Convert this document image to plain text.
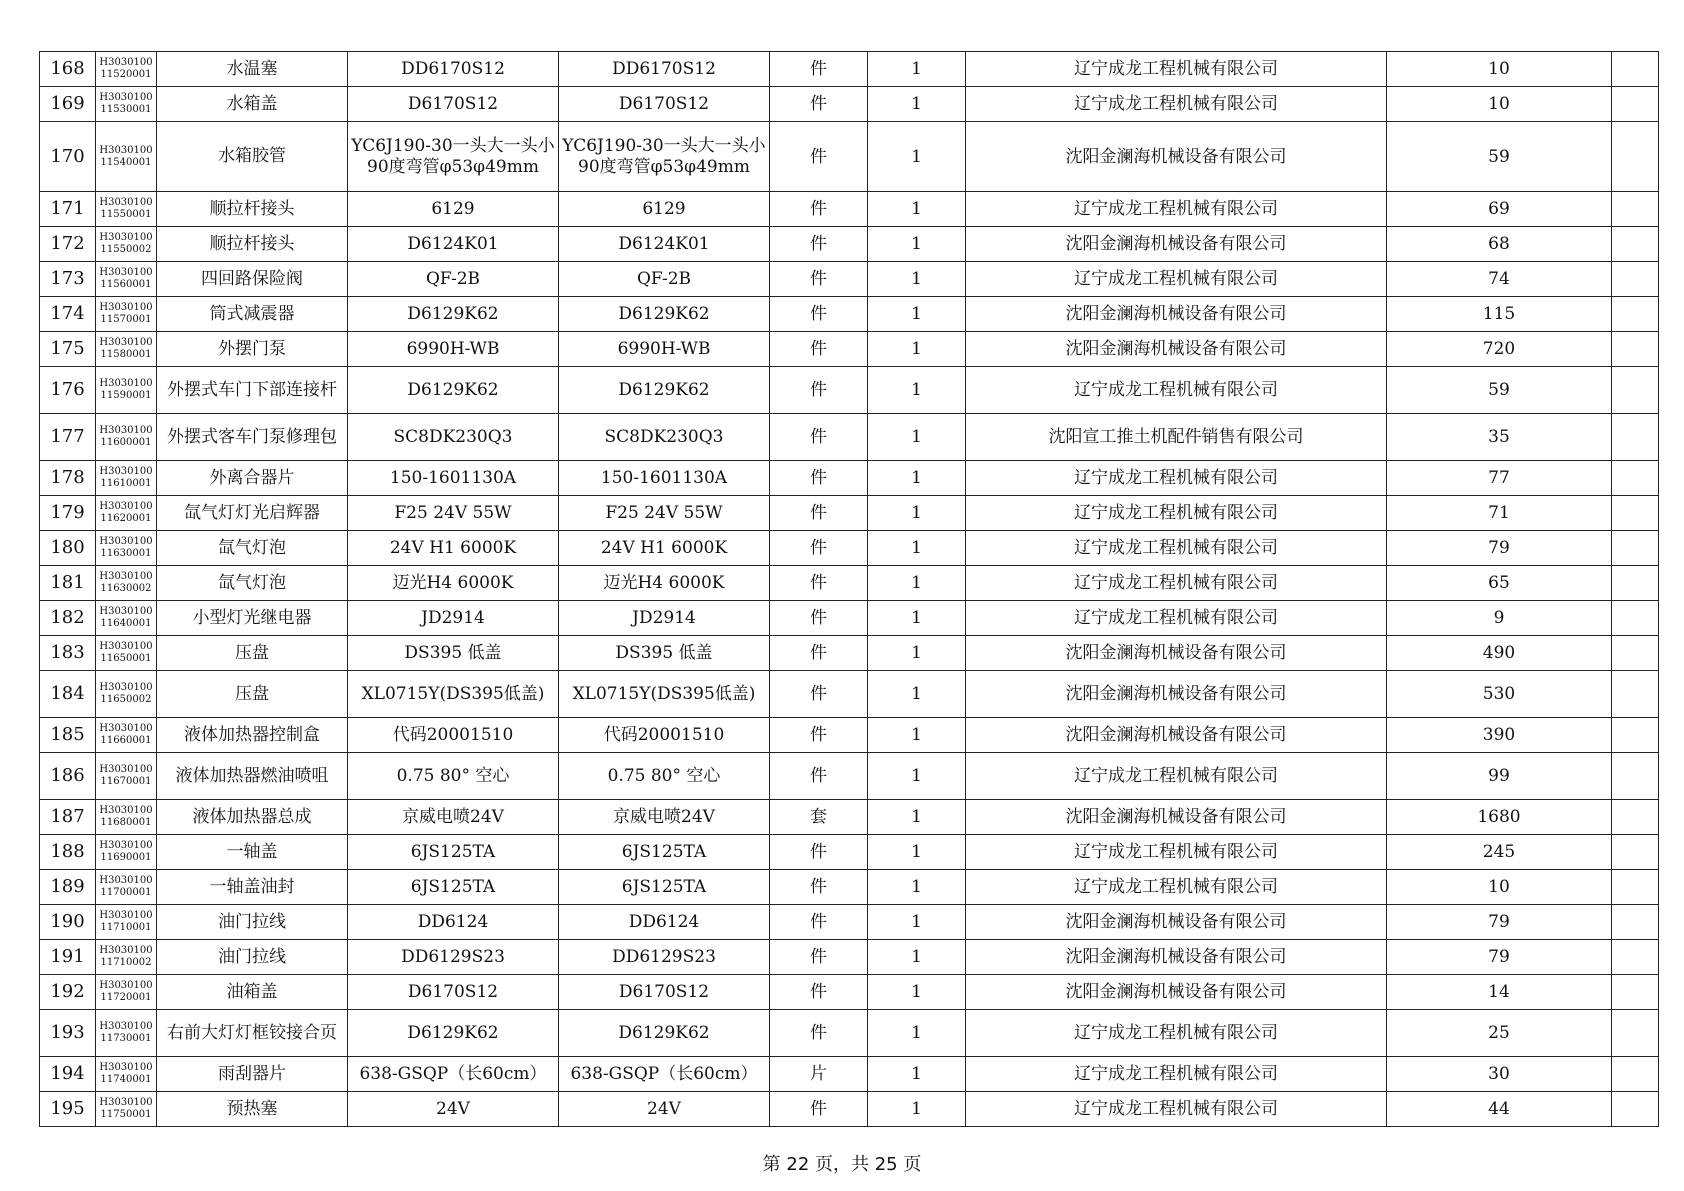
168	H303010011520001	水温塞	DD6170S12	DD6170S12	件	1	辽宁成龙工程机械有限公司	10	
169	H303010011530001	水箱盖	D6170S12	D6170S12	件	1	辽宁成龙工程机械有限公司	10	
170	H303010011540001	水箱胶管	YC6J190-30一头大一头小90度弯管φ53φ49mm	YC6J190-30一头大一头小90度弯管φ53φ49mm	件	1	沈阳金澜海机械设备有限公司	59	
171	H303010011550001	顺拉杆接头	6129	6129	件	1	辽宁成龙工程机械有限公司	69	
172	H303010011550002	顺拉杆接头	D6124K01	D6124K01	件	1	沈阳金澜海机械设备有限公司	68	
173	H303010011560001	四回路保险阀	QF-2B	QF-2B	件	1	辽宁成龙工程机械有限公司	74	
174	H303010011570001	筒式减震器	D6129K62	D6129K62	件	1	沈阳金澜海机械设备有限公司	115	
175	H303010011580001	外摆门泵	6990H-WB	6990H-WB	件	1	沈阳金澜海机械设备有限公司	720	
176	H303010011590001	外摆式车门下部连接杆	D6129K62	D6129K62	件	1	辽宁成龙工程机械有限公司	59	
177	H303010011600001	外摆式客车门泵修理包	SC8DK230Q3	SC8DK230Q3	件	1	沈阳宣工推土机配件销售有限公司	35	
178	H303010011610001	外离合器片	150-1601130A	150-1601130A	件	1	辽宁成龙工程机械有限公司	77	
179	H303010011620001	氙气灯灯光启辉器	F25 24V 55W	F25 24V 55W	件	1	辽宁成龙工程机械有限公司	71	
180	H303010011630001	氙气灯泡	24V H1 6000K	24V H1 6000K	件	1	辽宁成龙工程机械有限公司	79	
181	H303010011630002	氙气灯泡	迈光H4 6000K	迈光H4 6000K	件	1	辽宁成龙工程机械有限公司	65	
182	H303010011640001	小型灯光继电器	JD2914	JD2914	件	1	辽宁成龙工程机械有限公司	9	
183	H303010011650001	压盘	DS395 低盖	DS395 低盖	件	1	沈阳金澜海机械设备有限公司	490	
184	H303010011650002	压盘	XL0715Y(DS395低盖)	XL0715Y(DS395低盖)	件	1	沈阳金澜海机械设备有限公司	530	
185	H303010011660001	液体加热器控制盒	代码20001510	代码20001510	件	1	沈阳金澜海机械设备有限公司	390	
186	H303010011670001	液体加热器燃油喷咀	0.75 80° 空心	0.75 80° 空心	件	1	辽宁成龙工程机械有限公司	99	
187	H303010011680001	液体加热器总成	京威电喷24V	京威电喷24V	套	1	沈阳金澜海机械设备有限公司	1680	
188	H303010011690001	一轴盖	6JS125TA	6JS125TA	件	1	辽宁成龙工程机械有限公司	245	
189	H303010011700001	一轴盖油封	6JS125TA	6JS125TA	件	1	辽宁成龙工程机械有限公司	10	
190	H303010011710001	油门拉线	DD6124	DD6124	件	1	沈阳金澜海机械设备有限公司	79	
191	H303010011710002	油门拉线	DD6129S23	DD6129S23	件	1	沈阳金澜海机械设备有限公司	79	
192	H303010011720001	油箱盖	D6170S12	D6170S12	件	1	沈阳金澜海机械设备有限公司	14	
193	H303010011730001	右前大灯灯框铰接合页	D6129K62	D6129K62	件	1	辽宁成龙工程机械有限公司	25	
194	H303010011740001	雨刮器片	638-GSQP（长60cm）	638-GSQP（长60cm）	片	1	辽宁成龙工程机械有限公司	30	
195	H303010011750001	预热塞	24V	24V	件	1	辽宁成龙工程机械有限公司	44	
第 22 页，共 25 页
